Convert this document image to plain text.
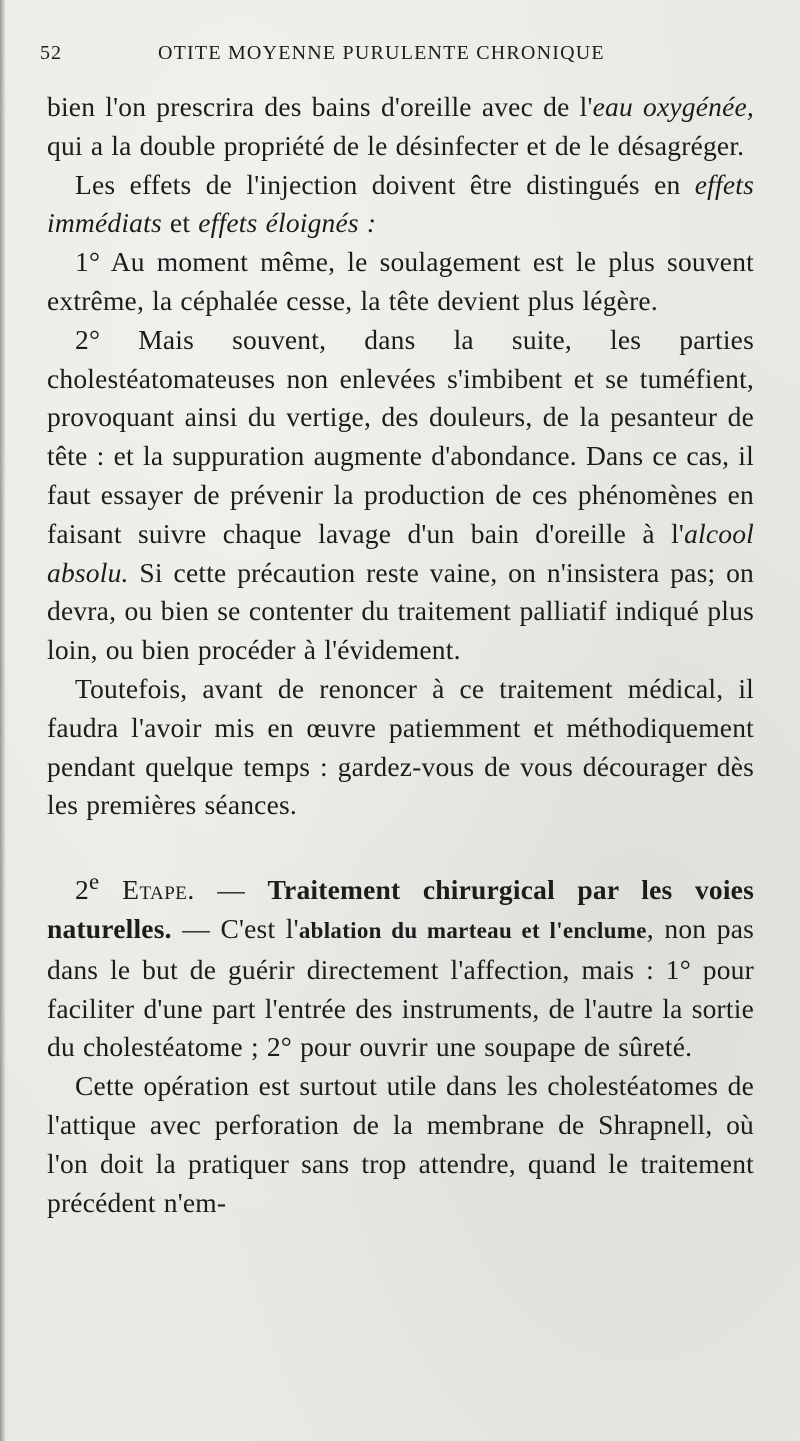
52	OTITE MOYENNE PURULENTE CHRONIQUE

bien l'on prescrira des bains d'oreille avec de l'eau oxygénée, qui a la double propriété de le désinfecter et de le désagréger.

Les effets de l'injection doivent être distingués en effets immédiats et effets éloignés :

1° Au moment même, le soulagement est le plus souvent extrême, la céphalée cesse, la tête devient plus légère.

2° Mais souvent, dans la suite, les parties cholestéatomateuses non enlevées s'imbibent et se tuméfient, provoquant ainsi du vertige, des douleurs, de la pesanteur de tête : et la suppuration augmente d'abondance. Dans ce cas, il faut essayer de prévenir la production de ces phénomènes en faisant suivre chaque lavage d'un bain d'oreille à l'alcool absolu. Si cette précaution reste vaine, on n'insistera pas; on devra, ou bien se contenter du traitement palliatif indiqué plus loin, ou bien procéder à l'évidement.

Toutefois, avant de renoncer à ce traitement médical, il faudra l'avoir mis en œuvre patiemment et méthodiquement pendant quelque temps : gardez-vous de vous décourager dès les premières séances.

2e Etape. — Traitement chirurgical par les voies naturelles. — C'est l'ablation du marteau et l'enclume, non pas dans le but de guérir directement l'affection, mais : 1° pour faciliter d'une part l'entrée des instruments, de l'autre la sortie du cholestéatome ; 2° pour ouvrir une soupape de sûreté.

Cette opération est surtout utile dans les cholestéatomes de l'attique avec perforation de la membrane de Shrapnell, où l'on doit la pratiquer sans trop attendre, quand le traitement précédent n'em-
